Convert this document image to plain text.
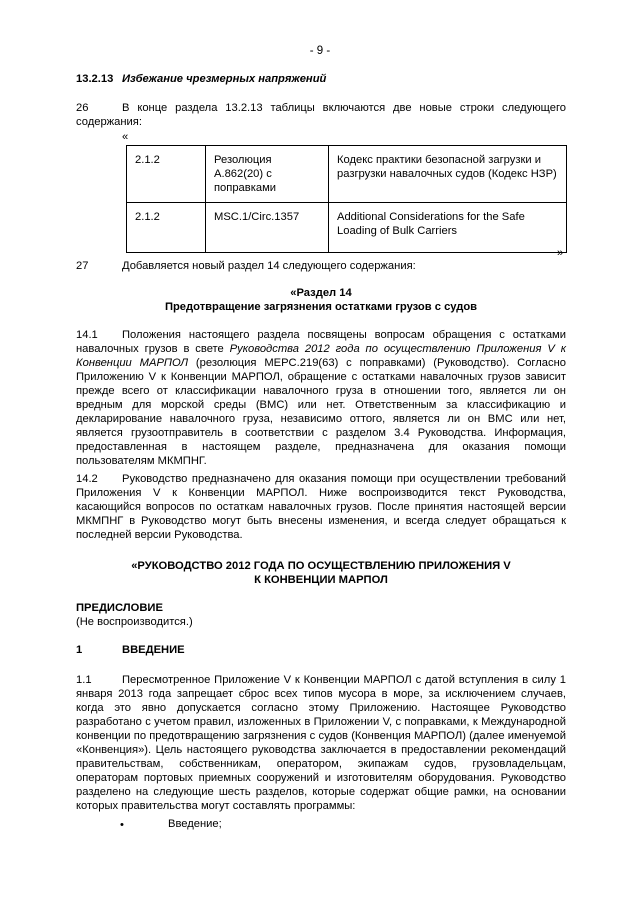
- 9 -
13.2.13 Избежание чрезмерных напряжений
26	В конце раздела 13.2.13 таблицы включаются две новые строки следующего содержания:
«
2.1.2	Резолюция A.862(20) с поправками	Кодекс практики безопасной загрузки и разгрузки навалочных судов (Кодекс НЗР)
2.1.2	MSC.1/Circ.1357	Additional Considerations for the Safe Loading of Bulk Carriers
»
27	Добавляется новый раздел 14 следующего содержания:
«Раздел 14
Предотвращение загрязнения остатками грузов с судов
14.1	Положения настоящего раздела посвящены вопросам обращения с остатками навалочных грузов в свете Руководства 2012 года по осуществлению Приложения V к Конвенции МАРПОЛ (резолюция MEPC.219(63) с поправками) (Руководство). Согласно Приложению V к Конвенции МАРПОЛ, обращение с остатками навалочных грузов зависит прежде всего от классификации навалочного груза в отношении того, является ли он вредным для морской среды (ВМС) или нет. Ответственным за классификацию и декларирование навалочного груза, независимо оттого, является ли он ВМС или нет, является грузоотправитель в соответствии с разделом 3.4 Руководства. Информация, предоставленная в настоящем разделе, предназначена для оказания помощи пользователям МКМПНГ.
14.2	Руководство предназначено для оказания помощи при осуществлении требований Приложения V к Конвенции МАРПОЛ. Ниже воспроизводится текст Руководства, касающийся вопросов по остаткам навалочных грузов. После принятия настоящей версии МКМПНГ в Руководство могут быть внесены изменения, и всегда следует обращаться к последней версии Руководства.
«РУКОВОДСТВО 2012 ГОДА ПО ОСУЩЕСТВЛЕНИЮ ПРИЛОЖЕНИЯ V
К КОНВЕНЦИИ МАРПОЛ
ПРЕДИСЛОВИЕ
(Не воспроизводится.)
1	ВВЕДЕНИЕ
1.1	Пересмотренное Приложение V к Конвенции МАРПОЛ с датой вступления в силу 1 января 2013 года запрещает сброс всех типов мусора в море, за исключением случаев, когда это явно допускается согласно этому Приложению. Настоящее Руководство разработано с учетом правил, изложенных в Приложении V, с поправками, к Международной конвенции по предотвращению загрязнения с судов (Конвенция МАРПОЛ) (далее именуемой «Конвенция»). Цель настоящего руководства заключается в предоставлении рекомендаций правительствам, собственникам, оператором, экипажам судов, грузовладельцам, операторам портовых приемных сооружений и изготовителям оборудования. Руководство разделено на следующие шесть разделов, которые содержат общие рамки, на основании которых правительства могут составлять программы:
•	Введение;
